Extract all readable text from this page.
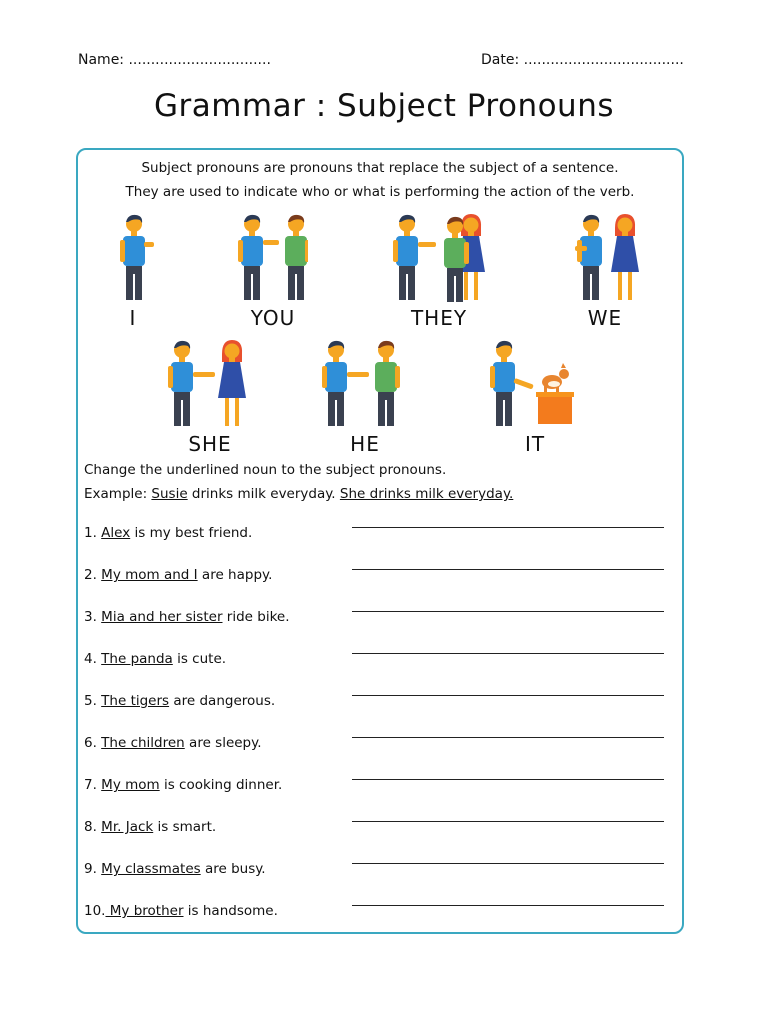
Name: ................................	Date: ....................................
Grammar : Subject Pronouns
Subject pronouns are pronouns that replace the subject of a sentence.
They are used to indicate who or what is performing the action of the verb.
I	YOU	THEY	WE
SHE	HE	IT
Change the underlined noun to the subject pronouns.
Example: Susie drinks milk everyday. She drinks milk everyday.
1. Alex is my best friend.
2. My mom and I are happy.
3. Mia and her sister ride bike.
4. The panda is cute.
5. The tigers are dangerous.
6. The children are sleepy.
7. My mom is cooking dinner.
8. Mr. Jack is smart.
9. My classmates are busy.
10. My brother is handsome.
